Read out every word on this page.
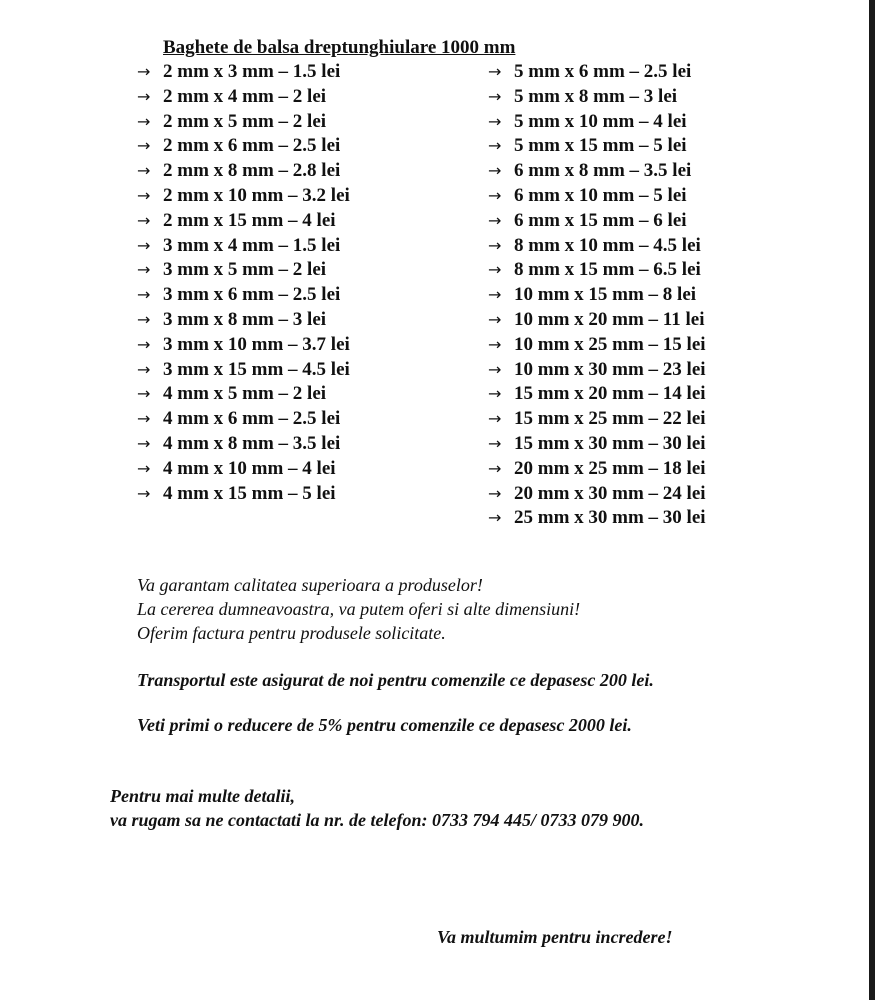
Baghete de balsa dreptunghiulare 1000 mm
→ 2 mm x 3 mm – 1.5 lei
→ 2 mm x 4 mm – 2 lei
→ 2 mm x 5 mm – 2 lei
→ 2 mm x 6 mm – 2.5 lei
→ 2 mm x 8 mm – 2.8 lei
→ 2 mm x 10 mm – 3.2 lei
→ 2 mm x 15 mm – 4 lei
→ 3 mm x 4 mm – 1.5 lei
→ 3 mm x 5 mm – 2 lei
→ 3 mm x 6 mm – 2.5 lei
→ 3 mm x 8 mm – 3 lei
→ 3 mm x 10 mm – 3.7 lei
→ 3 mm x 15 mm – 4.5 lei
→ 4 mm x 5 mm – 2 lei
→ 4 mm x 6 mm – 2.5 lei
→ 4 mm x 8 mm – 3.5 lei
→ 4 mm x 10 mm – 4 lei
→ 4 mm x 15 mm – 5 lei
→ 5 mm x 6 mm – 2.5 lei
→ 5 mm x 8 mm – 3 lei
→ 5 mm x 10 mm – 4 lei
→ 5 mm x 15 mm – 5 lei
→ 6 mm x 8 mm – 3.5 lei
→ 6 mm x 10 mm – 5 lei
→ 6 mm x 15 mm – 6 lei
→ 8 mm x 10 mm – 4.5 lei
→ 8 mm x 15 mm – 6.5 lei
→ 10 mm x 15 mm – 8 lei
→ 10 mm x 20 mm – 11 lei
→ 10 mm x 25 mm – 15 lei
→ 10 mm x 30 mm – 23 lei
→ 15 mm x 20 mm – 14 lei
→ 15 mm x 25 mm – 22 lei
→ 15 mm x 30 mm – 30 lei
→ 20 mm x 25 mm – 18 lei
→ 20 mm x 30 mm – 24 lei
→ 25 mm x 30 mm – 30 lei
Va garantam calitatea superioara a produselor!
La cererea dumneavoastra, va putem oferi si alte dimensiuni!
Oferim factura pentru produsele solicitate.
Transportul este asigurat de noi pentru comenzile ce depasesc 200 lei.
Veti primi o reducere de 5% pentru comenzile ce depasesc 2000 lei.
Pentru mai multe detalii,
va rugam sa ne contactati la nr. de telefon: 0733 794 445/ 0733 079 900.
Va multumim pentru incredere!
